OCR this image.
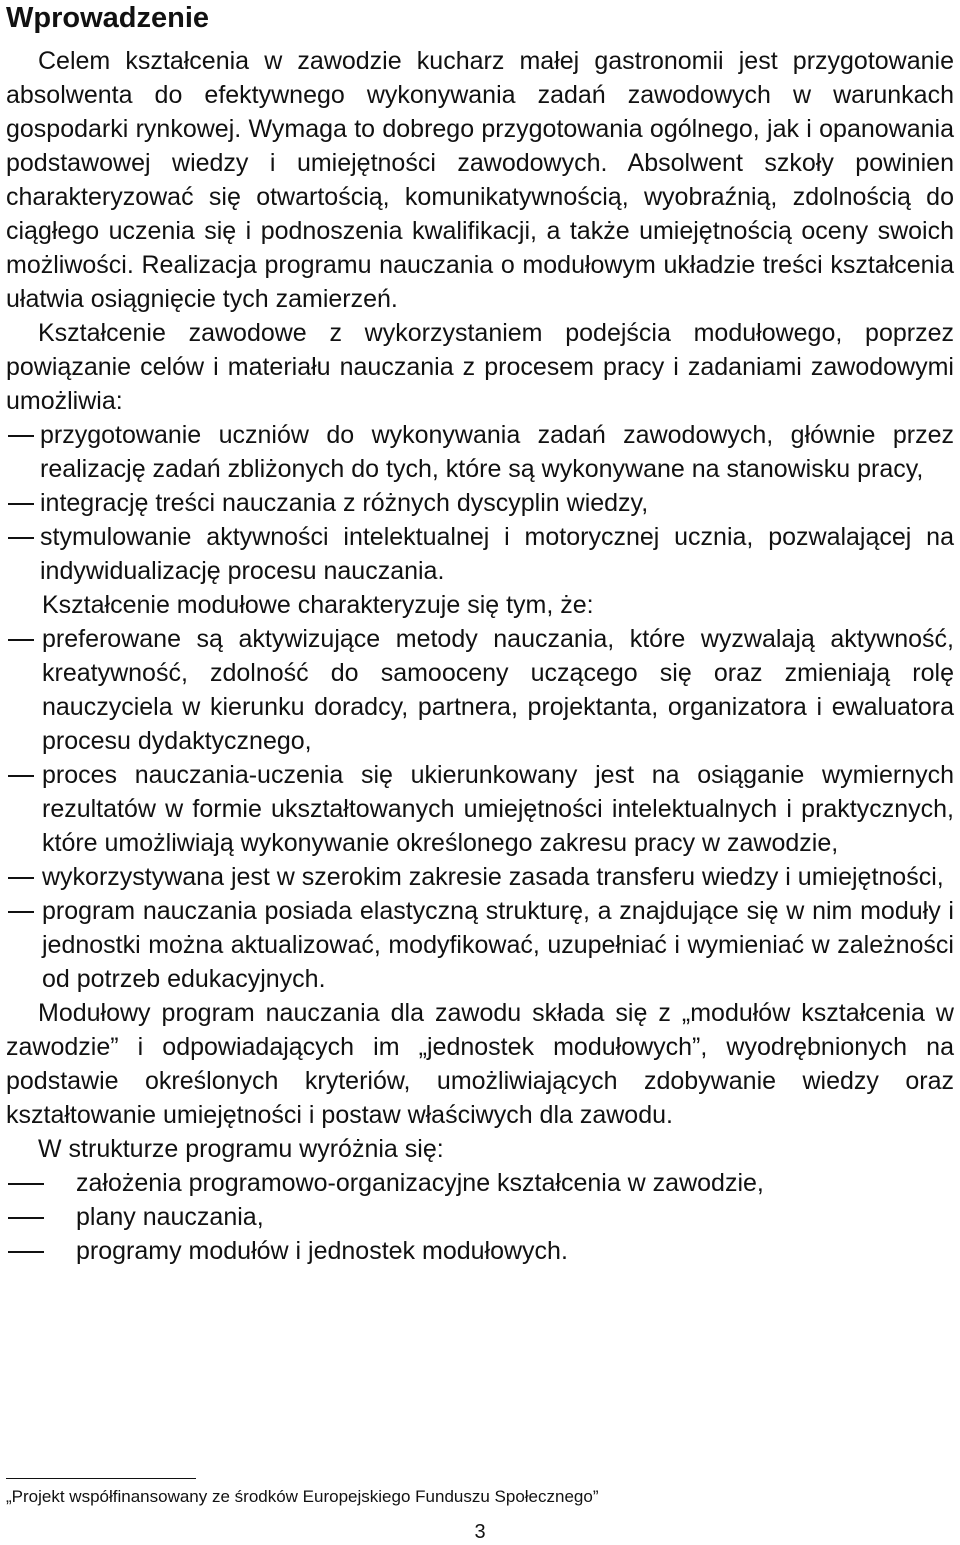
Wprowadzenie

Celem kształcenia w zawodzie kucharz małej gastronomii jest przygotowanie absolwenta do efektywnego wykonywania zadań zawodowych w warunkach gospodarki rynkowej. Wymaga to dobrego przygotowania ogólnego, jak i opanowania podstawowej wiedzy i umiejętności zawodowych. Absolwent szkoły powinien charakteryzować się otwartością, komunikatywnością, wyobraźnią, zdolnością do ciągłego uczenia się i podnoszenia kwalifikacji, a także umiejętnością oceny swoich możliwości. Realizacja programu nauczania o modułowym układzie treści kształcenia ułatwia osiągnięcie tych zamierzeń.

Kształcenie zawodowe z wykorzystaniem podejścia modułowego, poprzez powiązanie celów i materiału nauczania z procesem pracy i zadaniami zawodowymi umożliwia:

przygotowanie uczniów do wykonywania zadań zawodowych, głównie przez realizację zadań zbliżonych do tych, które są wykonywane na stanowisku pracy,
integrację treści nauczania z różnych dyscyplin wiedzy,
stymulowanie aktywności intelektualnej i motorycznej ucznia, pozwalającej na indywidualizację procesu nauczania.

Kształcenie modułowe charakteryzuje się tym, że:

preferowane są aktywizujące metody nauczania, które wyzwalają aktywność, kreatywność, zdolność do samooceny uczącego się oraz zmieniają rolę nauczyciela w kierunku doradcy, partnera, projektanta, organizatora i ewaluatora procesu dydaktycznego,
proces nauczania-uczenia się ukierunkowany jest na osiąganie wymiernych rezultatów w formie ukształtowanych umiejętności intelektualnych i praktycznych, które umożliwiają wykonywanie określonego zakresu pracy w zawodzie,
wykorzystywana jest w szerokim zakresie zasada transferu wiedzy i umiejętności,
program nauczania posiada elastyczną strukturę, a znajdujące się w nim moduły i jednostki można aktualizować, modyfikować, uzupełniać i wymieniać w zależności od potrzeb edukacyjnych.

Modułowy program nauczania dla zawodu składa się z „modułów kształcenia w zawodzie” i odpowiadających im „jednostek modułowych”, wyodrębnionych na podstawie określonych kryteriów, umożliwiających zdobywanie wiedzy oraz kształtowanie umiejętności i postaw właściwych dla zawodu.

W strukturze programu wyróżnia się:

założenia programowo-organizacyjne kształcenia w zawodzie,
plany nauczania,
programy modułów i jednostek modułowych.
„Projekt współfinansowany ze środków Europejskiego Funduszu Społecznego”
3
